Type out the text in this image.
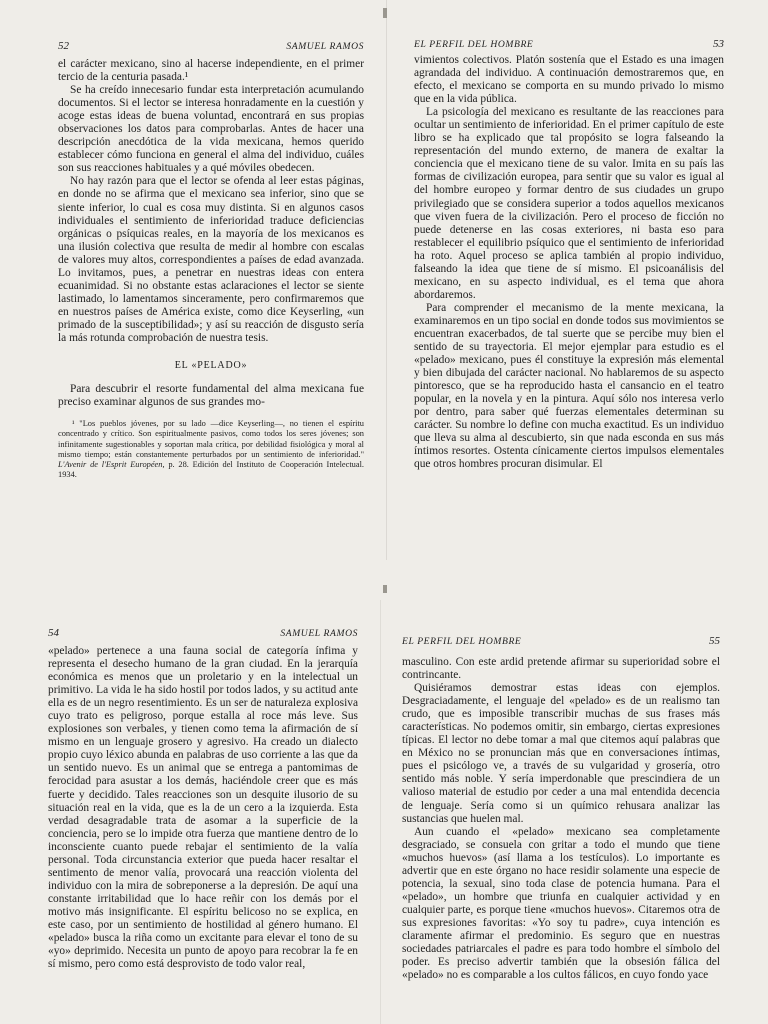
52	SAMUEL RAMOS

el carácter mexicano, sino al hacerse independiente, en el primer tercio de la centuria pasada.¹

Se ha creído innecesario fundar esta interpretación acumulando documentos. Si el lector se interesa honradamente en la cuestión y acoge estas ideas de buena voluntad, encontrará en sus propias observaciones los datos para comprobarlas. Antes de hacer una descripción anecdótica de la vida mexicana, hemos querido establecer cómo funciona en general el alma del individuo, cuáles son sus reacciones habituales y a qué móviles obedecen.

No hay razón para que el lector se ofenda al leer estas páginas, en donde no se afirma que el mexicano sea inferior, sino que se siente inferior, lo cual es cosa muy distinta. Si en algunos casos individuales el sentimiento de inferioridad traduce deficiencias orgánicas o psíquicas reales, en la mayoría de los mexicanos es una ilusión colectiva que resulta de medir al hombre con escalas de valores muy altos, correspondientes a países de edad avanzada. Lo invitamos, pues, a penetrar en nuestras ideas con entera ecuanimidad. Si no obstante estas aclaraciones el lector se siente lastimado, lo lamentamos sinceramente, pero confirmaremos que en nuestros países de América existe, como dice Keyserling, «un primado de la susceptibilidad»; y así su reacción de disgusto sería la más rotunda comprobación de nuestra tesis.

EL «PELADO»

Para descubrir el resorte fundamental del alma mexicana fue preciso examinar algunos de sus grandes mo-

¹ "Los pueblos jóvenes, por su lado —dice Keyserling—, no tienen el espíritu concentrado y crítico. Son espiritualmente pasivos, como todos los seres jóvenes; son infinitamente sugestionables y soportan mala crítica, por debilidad fisiológica y moral al mismo tiempo; están constantemente perturbados por un sentimiento de inferioridad." L'Avenir de l'Esprit Européen, p. 28. Edición del Instituto de Cooperación Intelectual. 1934.
EL PERFIL DEL HOMBRE	53

vimientos colectivos. Platón sostenía que el Estado es una imagen agrandada del individuo. A continuación demostraremos que, en efecto, el mexicano se comporta en su mundo privado lo mismo que en la vida pública.

La psicología del mexicano es resultante de las reacciones para ocultar un sentimiento de inferioridad. En el primer capítulo de este libro se ha explicado que tal propósito se logra falseando la representación del mundo externo, de manera de exaltar la conciencia que el mexicano tiene de su valor. Imita en su país las formas de civilización europea, para sentir que su valor es igual al del hombre europeo y formar dentro de sus ciudades un grupo privilegiado que se considera superior a todos aquellos mexicanos que viven fuera de la civilización. Pero el proceso de ficción no puede detenerse en las cosas exteriores, ni basta eso para restablecer el equilibrio psíquico que el sentimiento de inferioridad ha roto. Aquel proceso se aplica también al propio individuo, falseando la idea que tiene de sí mismo. El psicoanálisis del mexicano, en su aspecto individual, es el tema que ahora abordaremos.

Para comprender el mecanismo de la mente mexicana, la examinaremos en un tipo social en donde todos sus movimientos se encuentran exacerbados, de tal suerte que se percibe muy bien el sentido de su trayectoria. El mejor ejemplar para estudio es el «pelado» mexicano, pues él constituye la expresión más elemental y bien dibujada del carácter nacional. No hablaremos de su aspecto pintoresco, que se ha reproducido hasta el cansancio en el teatro popular, en la novela y en la pintura. Aquí sólo nos interesa verlo por dentro, para saber qué fuerzas elementales determinan su carácter. Su nombre lo define con mucha exactitud. Es un individuo que lleva su alma al descubierto, sin que nada esconda en sus más íntimos resortes. Ostenta cínicamente ciertos impulsos elementales que otros hombres procuran disimular. El

54	SAMUEL RAMOS

«pelado» pertenece a una fauna social de categoría ínfima y representa el desecho humano de la gran ciudad. En la jerarquía económica es menos que un proletario y en la intelectual un primitivo. La vida le ha sido hostil por todos lados, y su actitud ante ella es de un negro resentimiento. Es un ser de naturaleza explosiva cuyo trato es peligroso, porque estalla al roce más leve. Sus explosiones son verbales, y tienen como tema la afirmación de sí mismo en un lenguaje grosero y agresivo. Ha creado un dialecto propio cuyo léxico abunda en palabras de uso corriente a las que da un sentido nuevo. Es un animal que se entrega a pantomimas de ferocidad para asustar a los demás, haciéndole creer que es más fuerte y decidido. Tales reacciones son un desquite ilusorio de su situación real en la vida, que es la de un cero a la izquierda. Esta verdad desagradable trata de asomar a la superficie de la conciencia, pero se lo impide otra fuerza que mantiene dentro de lo inconsciente cuanto puede rebajar el sentimiento de la valía personal. Toda circunstancia exterior que pueda hacer resaltar el sentimento de menor valía, provocará una reacción violenta del individuo con la mira de sobreponerse a la depresión. De aquí una constante irritabilidad que lo hace reñir con los demás por el motivo más insignificante. El espíritu belicoso no se explica, en este caso, por un sentimiento de hostilidad al género humano. El «pelado» busca la riña como un excitante para elevar el tono de su «yo» deprimido. Necesita un punto de apoyo para recobrar la fe en sí mismo, pero como está desprovisto de todo valor real,

EL PERFIL DEL HOMBRE	55

masculino. Con este ardid pretende afirmar su superioridad sobre el contrincante.

Quisiéramos demostrar estas ideas con ejemplos. Desgraciadamente, el lenguaje del «pelado» es de un realismo tan crudo, que es imposible transcribir muchas de sus frases más características. No podemos omitir, sin embargo, ciertas expresiones típicas. El lector no debe tomar a mal que citemos aquí palabras que en México no se pronuncian más que en conversaciones íntimas, pues el psicólogo ve, a través de su vulgaridad y grosería, otro sentido más noble. Y sería imperdonable que prescindiera de un valioso material de estudio por ceder a una mal entendida decencia de lenguaje. Sería como si un químico rehusara analizar las sustancias que huelen mal.

Aun cuando el «pelado» mexicano sea completamente desgraciado, se consuela con gritar a todo el mundo que tiene «muchos huevos» (así llama a los testículos). Lo importante es advertir que en este órgano no hace residir solamente una especie de potencia, la sexual, sino toda clase de potencia humana. Para el «pelado», un hombre que triunfa en cualquier actividad y en cualquier parte, es porque tiene «muchos huevos». Citaremos otra de sus expresiones favoritas: «Yo soy tu padre», cuya intención es claramente afirmar el predominio. Es seguro que en nuestras sociedades patriarcales el padre es para todo hombre el símbolo del poder. Es preciso advertir también que la obsesión fálica del «pelado» no es comparable a los cultos fálicos, en cuyo fondo yace
